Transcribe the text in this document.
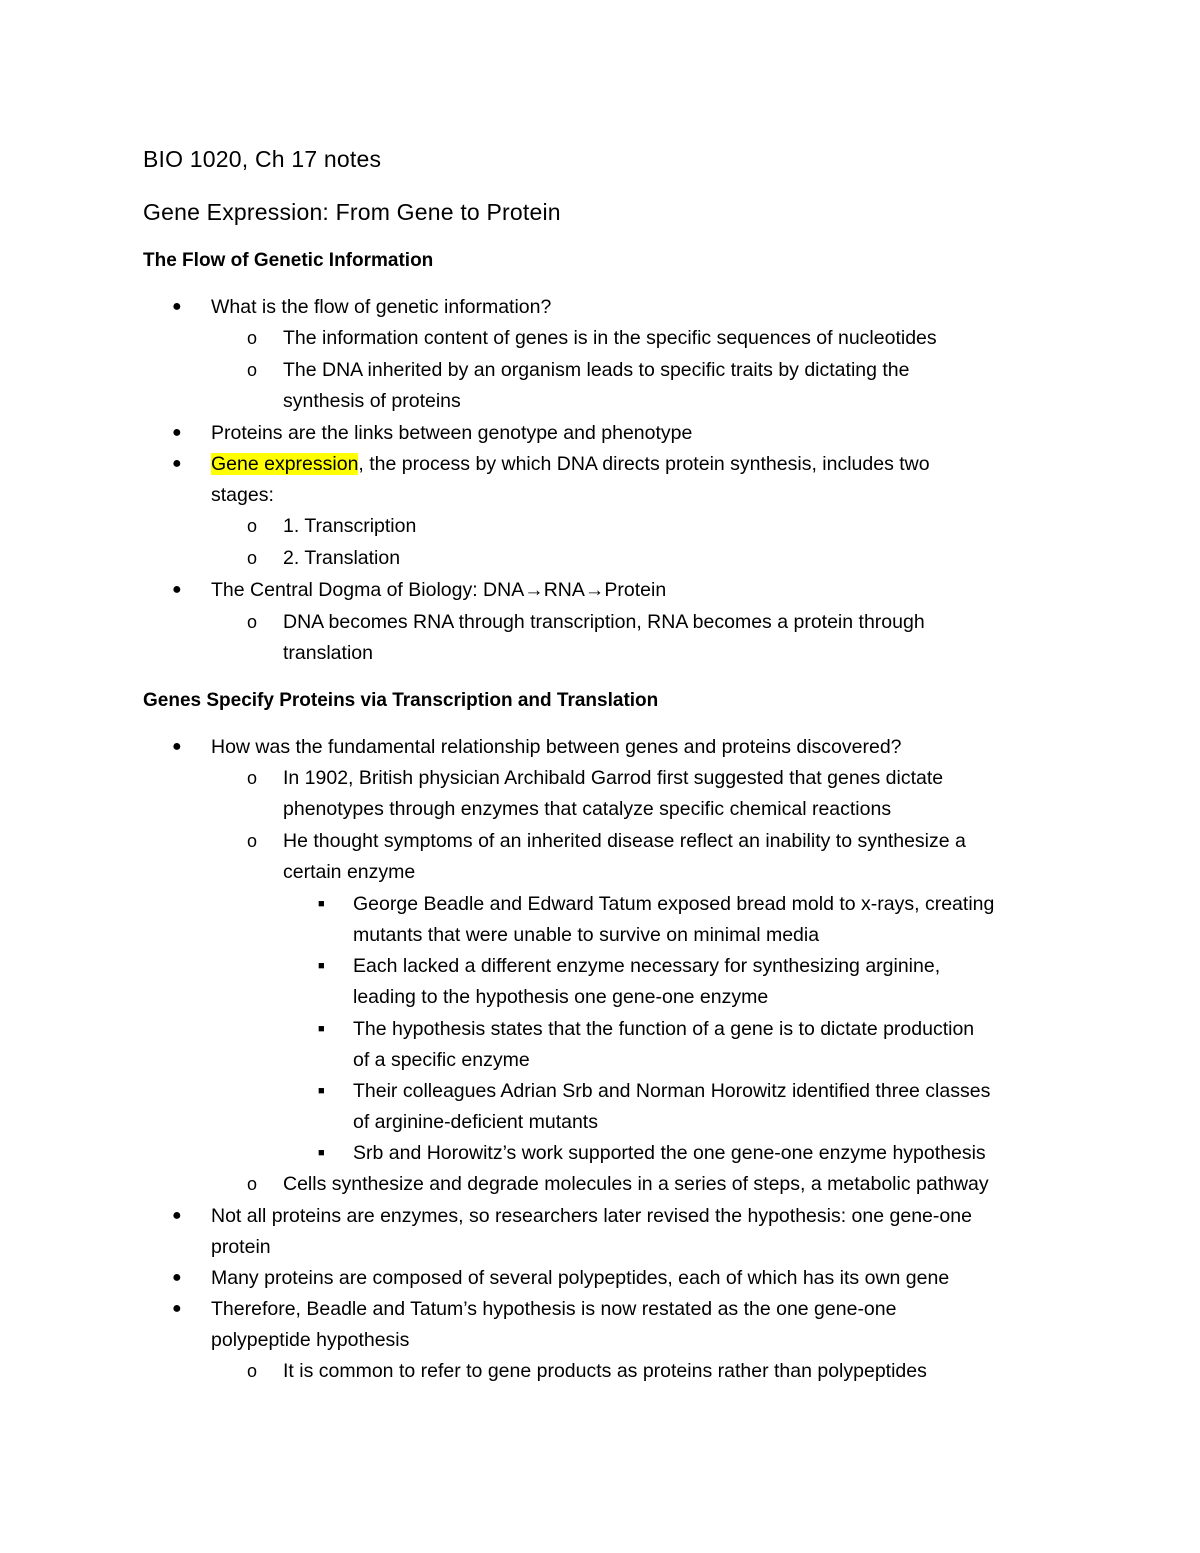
BIO 1020, Ch 17 notes
Gene Expression: From Gene to Protein
The Flow of Genetic Information
● What is the flow of genetic information?
o The information content of genes is in the specific sequences of nucleotides
o The DNA inherited by an organism leads to specific traits by dictating the
synthesis of proteins
● Proteins are the links between genotype and phenotype
● Gene expression, the process by which DNA directs protein synthesis, includes two
stages:
o 1. Transcription
o 2. Translation
● The Central Dogma of Biology: DNA→RNA→Protein
o DNA becomes RNA through transcription, RNA becomes a protein through
translation
Genes Specify Proteins via Transcription and Translation
● How was the fundamental relationship between genes and proteins discovered?
o In 1902, British physician Archibald Garrod first suggested that genes dictate
phenotypes through enzymes that catalyze specific chemical reactions
o He thought symptoms of an inherited disease reflect an inability to synthesize a
certain enzyme
■ George Beadle and Edward Tatum exposed bread mold to x-rays, creating
mutants that were unable to survive on minimal media
■ Each lacked a different enzyme necessary for synthesizing arginine,
leading to the hypothesis one gene-one enzyme
■ The hypothesis states that the function of a gene is to dictate production
of a specific enzyme
■ Their colleagues Adrian Srb and Norman Horowitz identified three classes
of arginine-deficient mutants
■ Srb and Horowitz’s work supported the one gene-one enzyme hypothesis
o Cells synthesize and degrade molecules in a series of steps, a metabolic pathway
● Not all proteins are enzymes, so researchers later revised the hypothesis: one gene-one
protein
● Many proteins are composed of several polypeptides, each of which has its own gene
● Therefore, Beadle and Tatum’s hypothesis is now restated as the one gene-one
polypeptide hypothesis
o It is common to refer to gene products as proteins rather than polypeptides
